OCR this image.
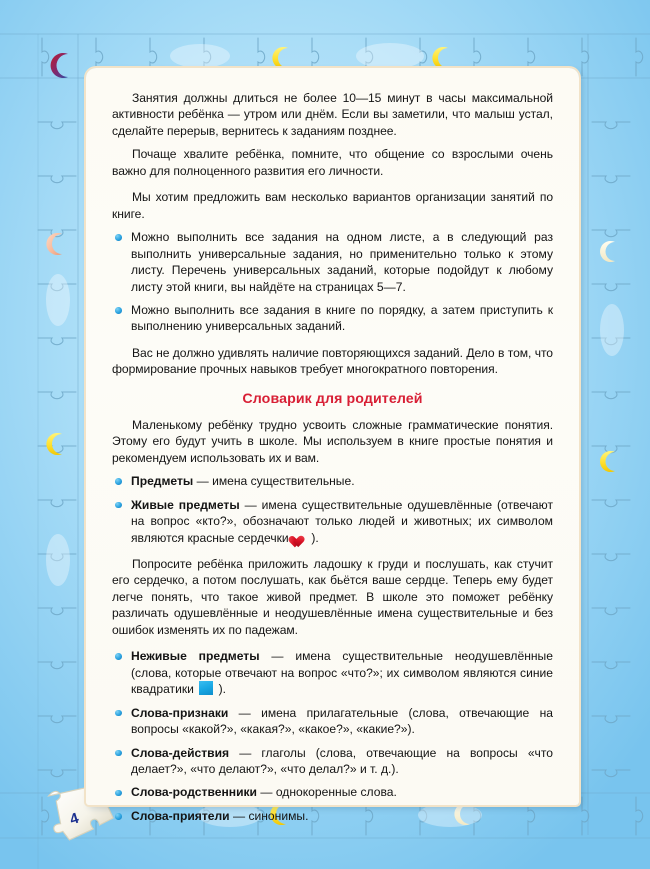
4

Занятия должны длиться не более 10—15 минут в часы максимальной активности ребёнка — утром или днём. Если вы заметили, что малыш устал, сделайте перерыв, вернитесь к заданиям позднее.

Почаще хвалите ребёнка, помните, что общение со взрослыми очень важно для полноценного развития его личности.

Мы хотим предложить вам несколько вариантов организации занятий по книге.

Можно выполнить все задания на одном листе, а в следующий раз выполнить универсальные задания, но применительно только к этому листу. Перечень универсальных заданий, которые подойдут к любому листу этой книги, вы найдёте на страницах 5—7.
Можно выполнить все задания в книге по порядку, а затем приступить к выполнению универсальных заданий.

Вас не должно удивлять наличие повторяющихся заданий. Дело в том, что формирование прочных навыков требует многократного повторения.

Словарик для родителей

Маленькому ребёнку трудно усвоить сложные грамматические понятия. Этому его будут учить в школе. Мы используем в книге простые понятия и рекомендуем использовать их и вам.

Предметы — имена существительные.
Живые предметы — имена существительные одушевлённые (отвечают на вопрос «кто?», обозначают только людей и животных; их символом являются красные сердечки  ).

Попросите ребёнка приложить ладошку к груди и послушать, как стучит его сердечко, а потом послушать, как бьётся ваше сердце. Теперь ему будет легче понять, что такое живой предмет. В школе это поможет ребёнку различать одушевлённые и неодушевлённые имена существительные и без ошибок изменять их по падежам.

Неживые предметы — имена существительные неодушевлённые (слова, которые отвечают на вопрос «что?»; их символом являются синие квадратики  ).
Слова-признаки — имена прилагательные (слова, отвечающие на вопросы «какой?», «какая?», «какое?», «какие?»).
Слова-действия — глаголы (слова, отвечающие на вопросы «что делает?», «что делают?», «что делал?» и т. д.).
Слова-родственники — однокоренные слова.
Слова-приятели — синонимы.
